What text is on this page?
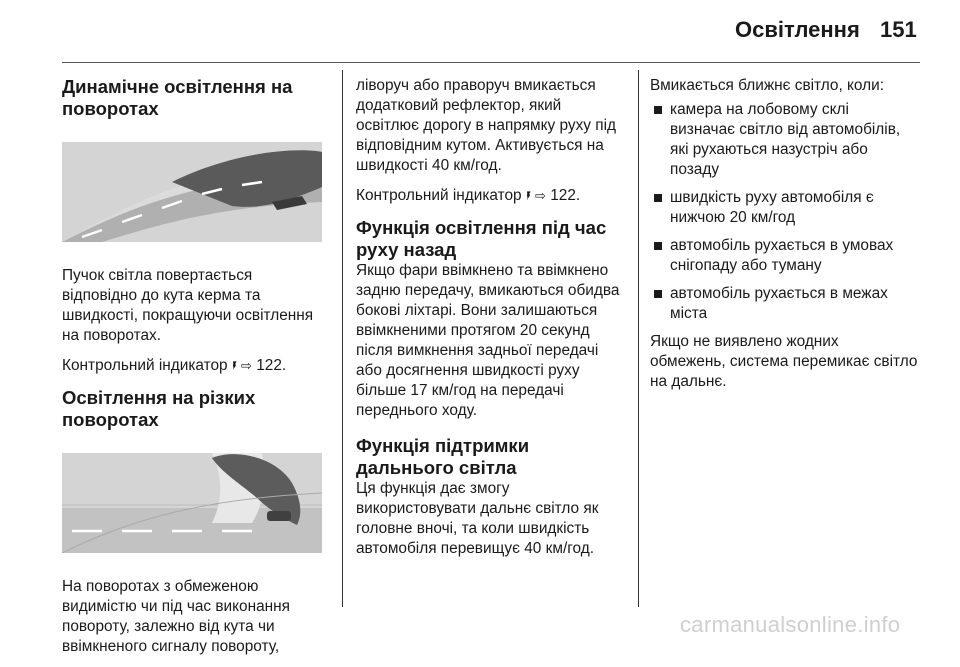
Освітлення 151
Динамічне освітлення на поворотах

Пучок світла повертається відповідно до кута керма та швидкості, покращуючи освітлення на поворотах.

Контрольний індикатор 🖡 ⇨ 122.

Освітлення на різких поворотах

На поворотах з обмеженою видимістю чи під час виконання повороту, залежно від кута чи ввімкненого сигналу повороту,

ліворуч або праворуч вмикається додатковий рефлектор, який освітлює дорогу в напрямку руху під відповідним кутом. Активується на швидкості 40 км/год.

Контрольний індикатор 🖡 ⇨ 122.

Функція освітлення під час руху назад

Якщо фари ввімкнено та ввімкнено задню передачу, вмикаються обидва бокові ліхтарі. Вони залишаються ввімкненими протягом 20 секунд після вимкнення задньої передачі або досягнення швидкості руху більше 17 км/год на передачі переднього ходу.

Функція підтримки дальнього світла

Ця функція дає змогу використовувати дальнє світло як головне вночі, та коли швидкість автомобіля перевищує 40 км/год.

Вмикається ближнє світло, коли:

камера на лобовому склі визначає світло від автомобілів, які рухаються назустріч або позаду
швидкість руху автомобіля є нижчою 20 км/год
автомобіль рухається в умовах снігопаду або туману
автомобіль рухається в межах міста

Якщо не виявлено жодних обмежень, система перемикає світло на дальнє.

carmanualsonline.info
